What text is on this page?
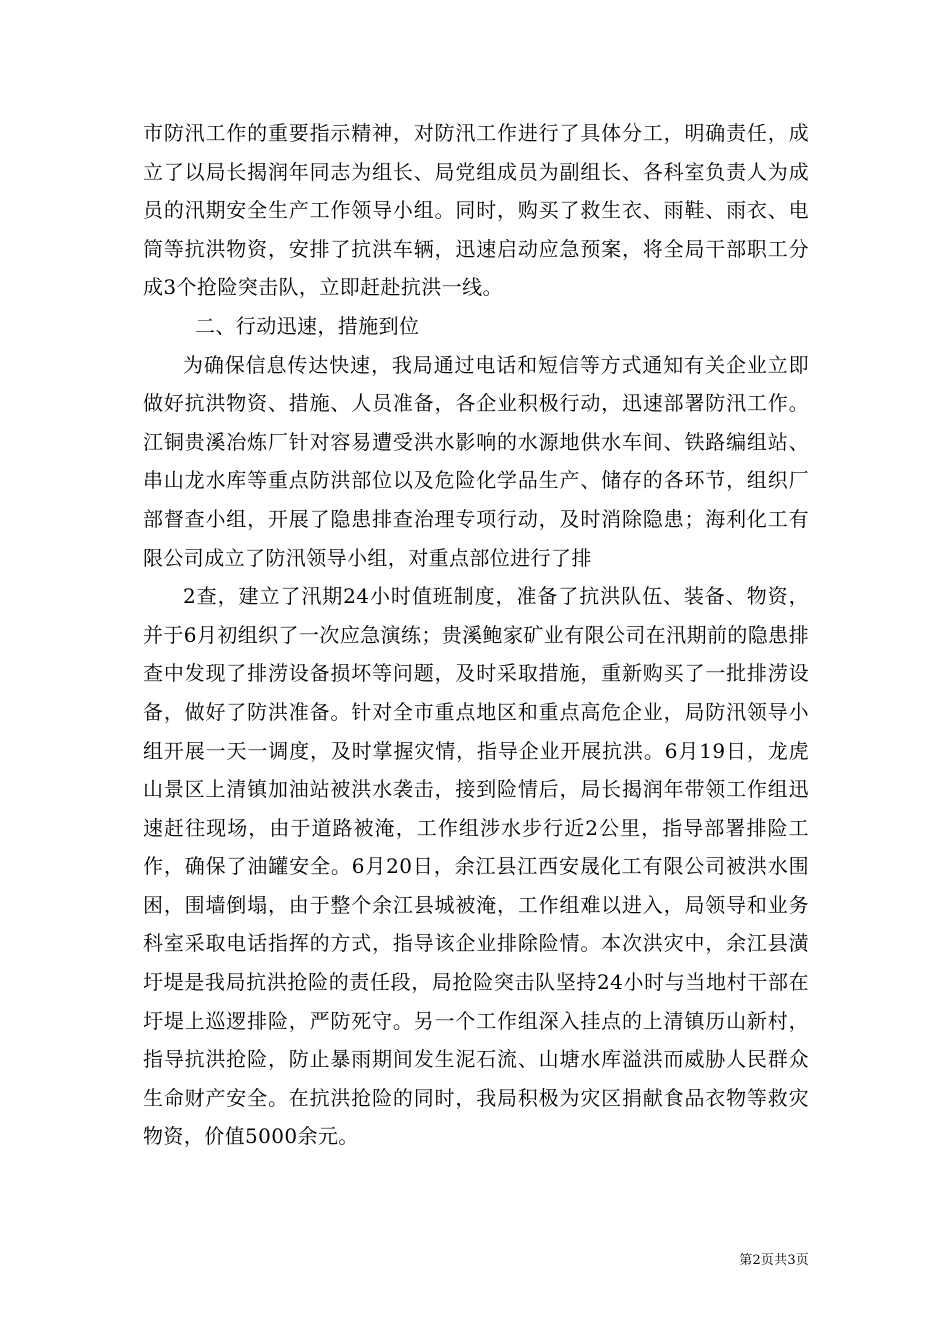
市防汛工作的重要指示精神，对防汛工作进行了具体分工，明确责任，成立了以局长揭润年同志为组长、局党组成员为副组长、各科室负责人为成员的汛期安全生产工作领导小组。同时，购买了救生衣、雨鞋、雨衣、电筒等抗洪物资，安排了抗洪车辆，迅速启动应急预案，将全局干部职工分成3个抢险突击队，立即赶赴抗洪一线。

二、行动迅速，措施到位

为确保信息传达快速，我局通过电话和短信等方式通知有关企业立即做好抗洪物资、措施、人员准备，各企业积极行动，迅速部署防汛工作。江铜贵溪冶炼厂针对容易遭受洪水影响的水源地供水车间、铁路编组站、串山龙水库等重点防洪部位以及危险化学品生产、储存的各环节，组织厂部督查小组，开展了隐患排查治理专项行动，及时消除隐患；海利化工有限公司成立了防汛领导小组，对重点部位进行了排

2查，建立了汛期24小时值班制度，准备了抗洪队伍、装备、物资，并于6月初组织了一次应急演练；贵溪鲍家矿业有限公司在汛期前的隐患排查中发现了排涝设备损坏等问题，及时采取措施，重新购买了一批排涝设备，做好了防洪准备。针对全市重点地区和重点高危企业，局防汛领导小组开展一天一调度，及时掌握灾情，指导企业开展抗洪。6月19日，龙虎山景区上清镇加油站被洪水袭击，接到险情后，局长揭润年带领工作组迅速赶往现场，由于道路被淹，工作组涉水步行近2公里，指导部署排险工作，确保了油罐安全。6月20日，余江县江西安晟化工有限公司被洪水围困，围墙倒塌，由于整个余江县城被淹，工作组难以进入，局领导和业务科室采取电话指挥的方式，指导该企业排除险情。本次洪灾中，余江县潢圩堤是我局抗洪抢险的责任段，局抢险突击队坚持24小时与当地村干部在圩堤上巡逻排险，严防死守。另一个工作组深入挂点的上清镇历山新村，指导抗洪抢险，防止暴雨期间发生泥石流、山塘水库溢洪而威胁人民群众生命财产安全。在抗洪抢险的同时，我局积极为灾区捐献食品衣物等救灾物资，价值5000余元。

第2页共3页
